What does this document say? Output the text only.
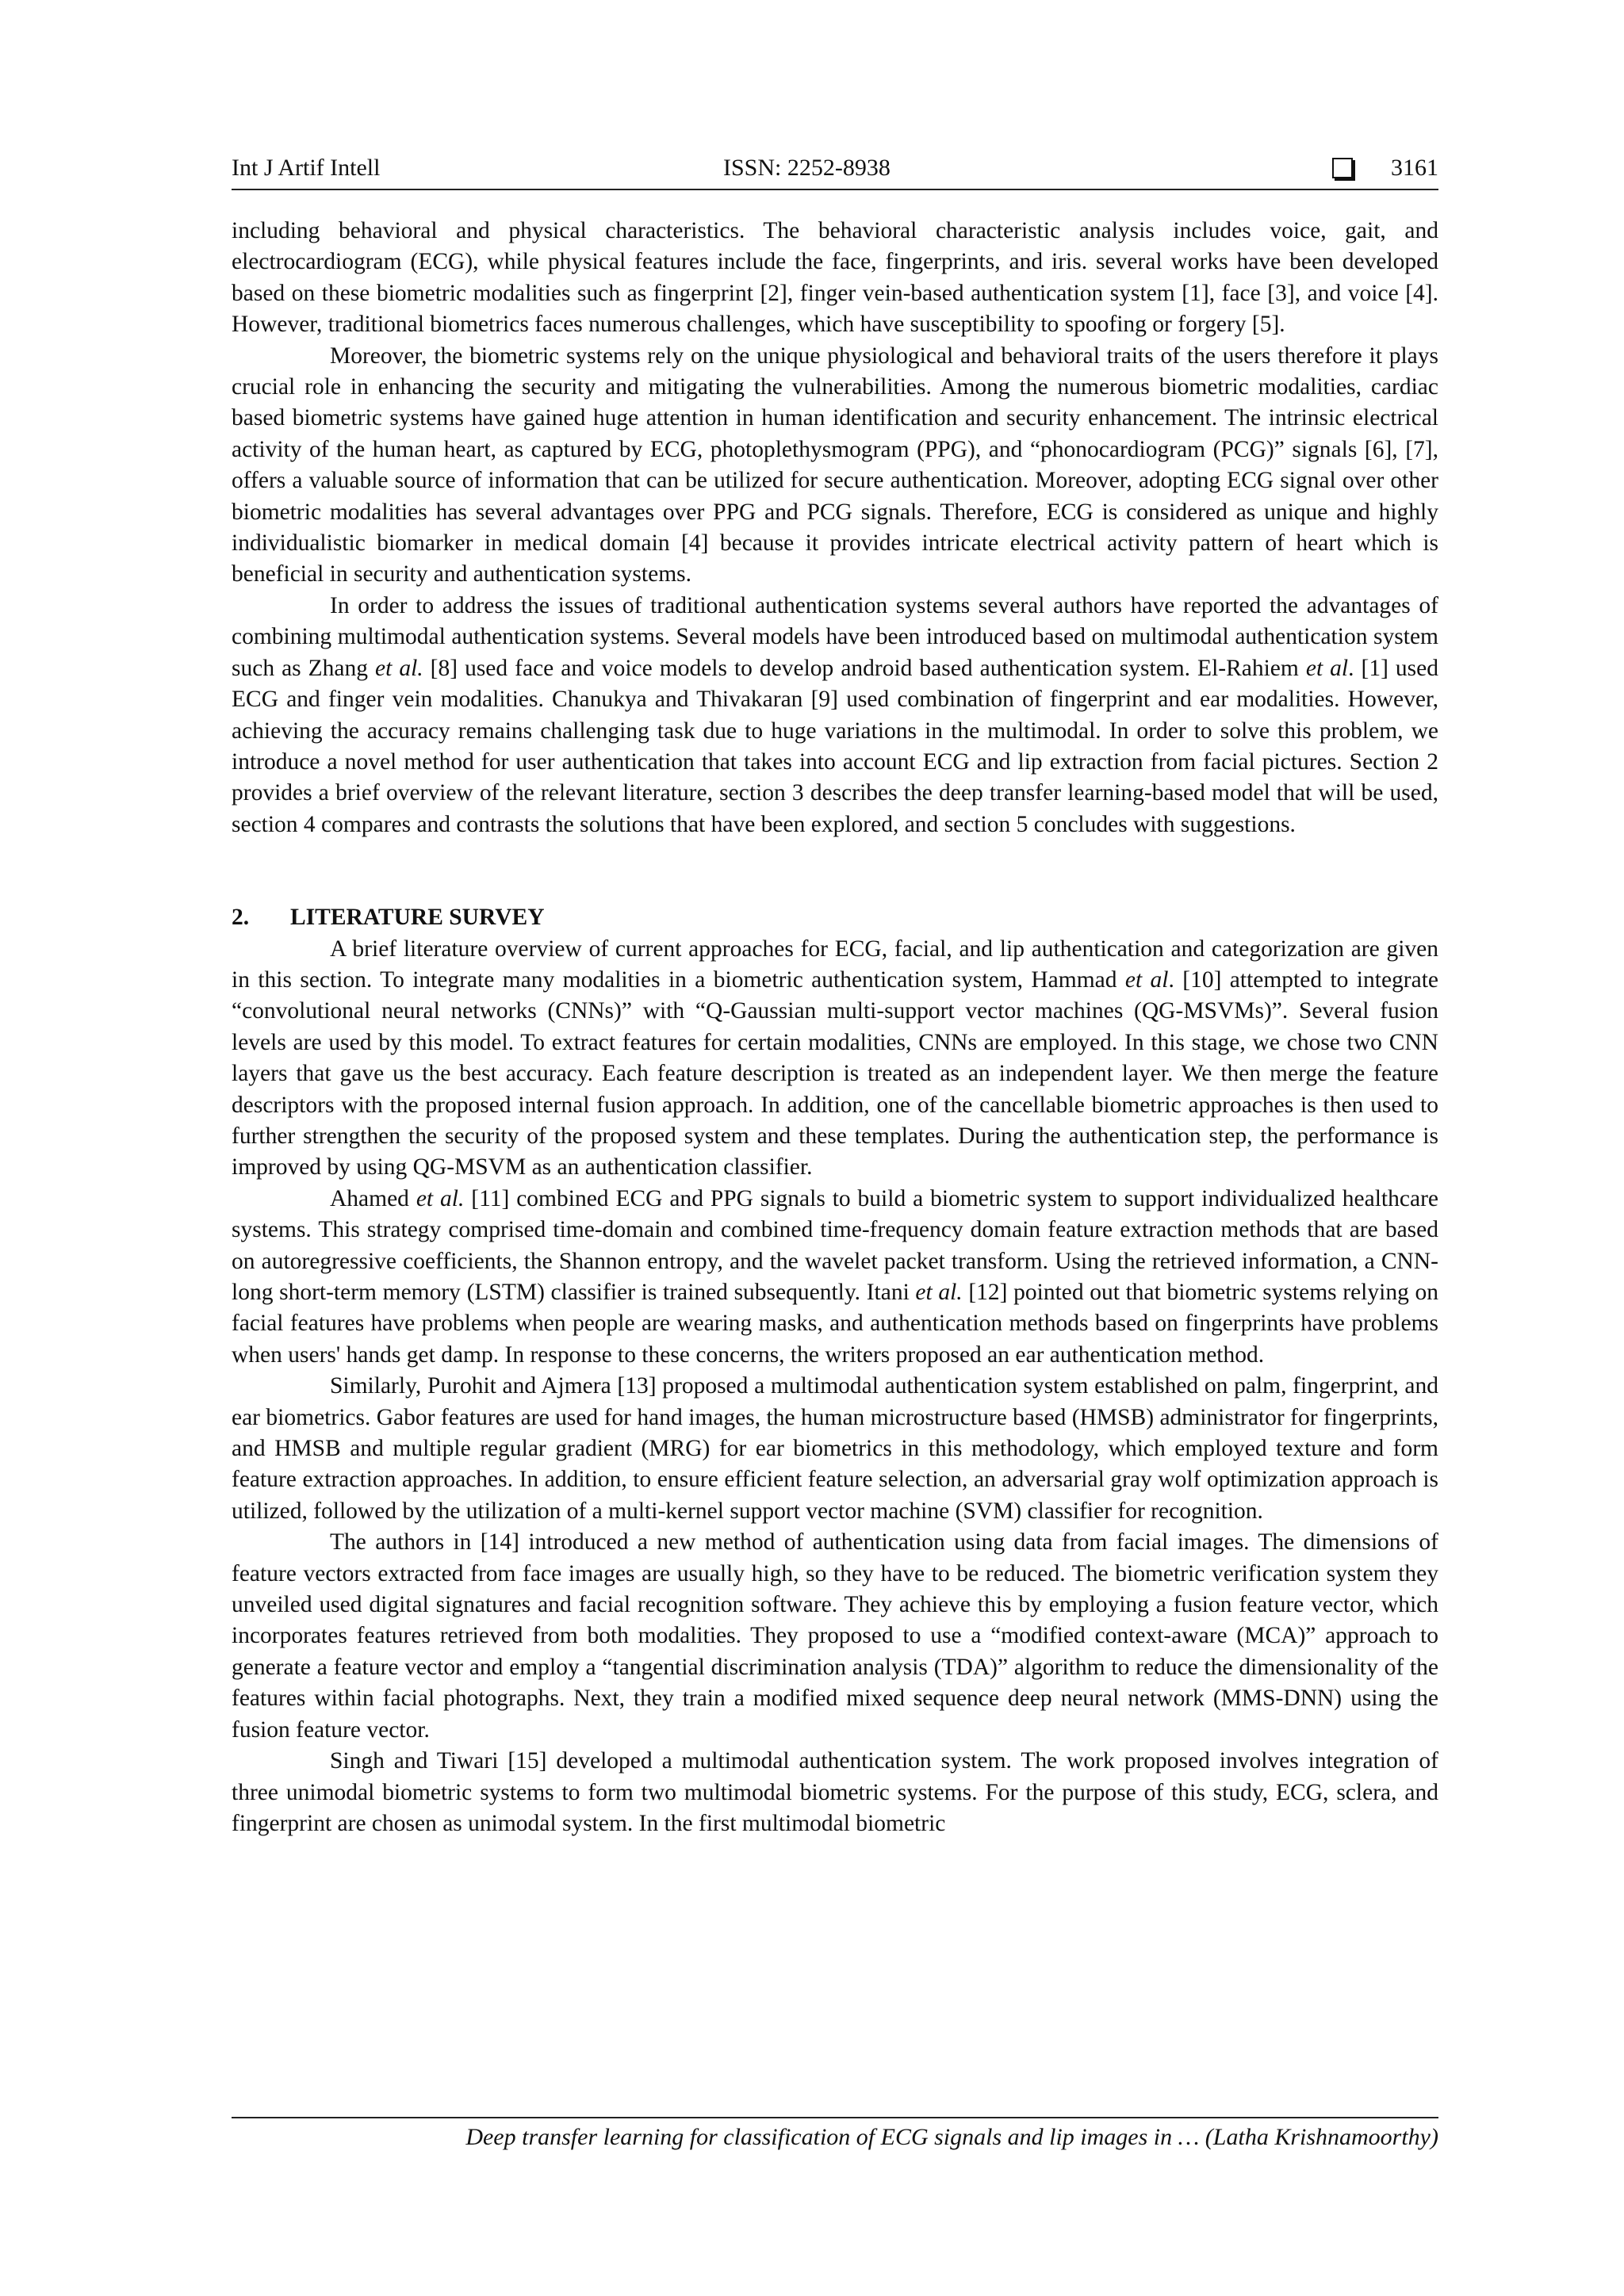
Int J Artif Intell	ISSN: 2252-8938	3161

including behavioral and physical characteristics. The behavioral characteristic analysis includes voice, gait, and electrocardiogram (ECG), while physical features include the face, fingerprints, and iris. several works have been developed based on these biometric modalities such as fingerprint [2], finger vein-based authentication system [1], face [3], and voice [4]. However, traditional biometrics faces numerous challenges, which have susceptibility to spoofing or forgery [5].

Moreover, the biometric systems rely on the unique physiological and behavioral traits of the users therefore it plays crucial role in enhancing the security and mitigating the vulnerabilities. Among the numerous biometric modalities, cardiac based biometric systems have gained huge attention in human identification and security enhancement. The intrinsic electrical activity of the human heart, as captured by ECG, photoplethysmogram (PPG), and “phonocardiogram (PCG)” signals [6], [7], offers a valuable source of information that can be utilized for secure authentication. Moreover, adopting ECG signal over other biometric modalities has several advantages over PPG and PCG signals. Therefore, ECG is considered as unique and highly individualistic biomarker in medical domain [4] because it provides intricate electrical activity pattern of heart which is beneficial in security and authentication systems.

In order to address the issues of traditional authentication systems several authors have reported the advantages of combining multimodal authentication systems. Several models have been introduced based on multimodal authentication system such as Zhang et al. [8] used face and voice models to develop android based authentication system. El-Rahiem et al. [1] used ECG and finger vein modalities. Chanukya and Thivakaran [9] used combination of fingerprint and ear modalities. However, achieving the accuracy remains challenging task due to huge variations in the multimodal. In order to solve this problem, we introduce a novel method for user authentication that takes into account ECG and lip extraction from facial pictures. Section 2 provides a brief overview of the relevant literature, section 3 describes the deep transfer learning-based model that will be used, section 4 compares and contrasts the solutions that have been explored, and section 5 concludes with suggestions.

2.	LITERATURE SURVEY

A brief literature overview of current approaches for ECG, facial, and lip authentication and categorization are given in this section. To integrate many modalities in a biometric authentication system, Hammad et al. [10] attempted to integrate “convolutional neural networks (CNNs)” with “Q-Gaussian multi-support vector machines (QG-MSVMs)”. Several fusion levels are used by this model. To extract features for certain modalities, CNNs are employed. In this stage, we chose two CNN layers that gave us the best accuracy. Each feature description is treated as an independent layer. We then merge the feature descriptors with the proposed internal fusion approach. In addition, one of the cancellable biometric approaches is then used to further strengthen the security of the proposed system and these templates. During the authentication step, the performance is improved by using QG-MSVM as an authentication classifier.

Ahamed et al. [11] combined ECG and PPG signals to build a biometric system to support individualized healthcare systems. This strategy comprised time-domain and combined time-frequency domain feature extraction methods that are based on autoregressive coefficients, the Shannon entropy, and the wavelet packet transform. Using the retrieved information, a CNN-long short-term memory (LSTM) classifier is trained subsequently. Itani et al. [12] pointed out that biometric systems relying on facial features have problems when people are wearing masks, and authentication methods based on fingerprints have problems when users' hands get damp. In response to these concerns, the writers proposed an ear authentication method.

Similarly, Purohit and Ajmera [13] proposed a multimodal authentication system established on palm, fingerprint, and ear biometrics. Gabor features are used for hand images, the human microstructure based (HMSB) administrator for fingerprints, and HMSB and multiple regular gradient (MRG) for ear biometrics in this methodology, which employed texture and form feature extraction approaches. In addition, to ensure efficient feature selection, an adversarial gray wolf optimization approach is utilized, followed by the utilization of a multi-kernel support vector machine (SVM) classifier for recognition.

The authors in [14] introduced a new method of authentication using data from facial images. The dimensions of feature vectors extracted from face images are usually high, so they have to be reduced. The biometric verification system they unveiled used digital signatures and facial recognition software. They achieve this by employing a fusion feature vector, which incorporates features retrieved from both modalities. They proposed to use a “modified context-aware (MCA)” approach to generate a feature vector and employ a “tangential discrimination analysis (TDA)” algorithm to reduce the dimensionality of the features within facial photographs. Next, they train a modified mixed sequence deep neural network (MMS-DNN) using the fusion feature vector.

Singh and Tiwari [15] developed a multimodal authentication system. The work proposed involves integration of three unimodal biometric systems to form two multimodal biometric systems. For the purpose of this study, ECG, sclera, and fingerprint are chosen as unimodal system. In the first multimodal biometric

Deep transfer learning for classification of ECG signals and lip images in … (Latha Krishnamoorthy)
